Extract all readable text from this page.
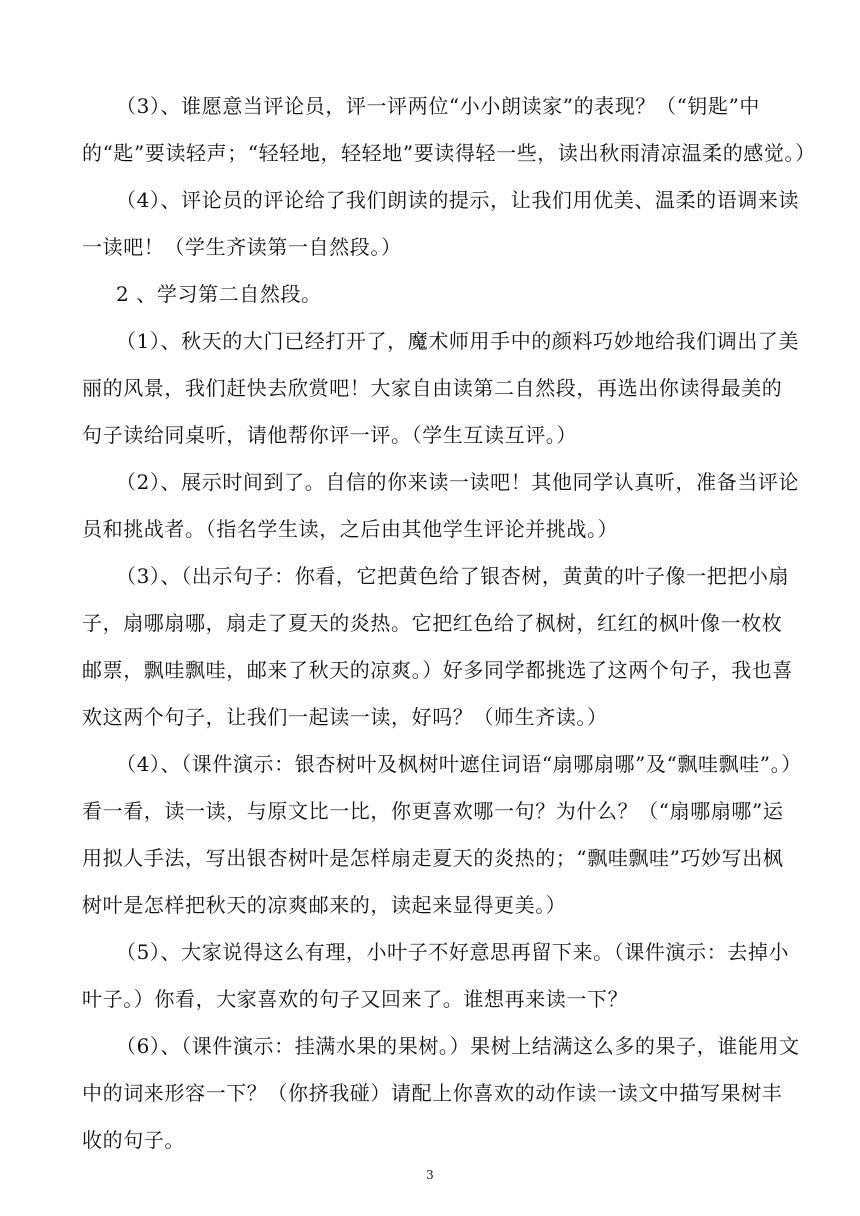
（3）、谁愿意当评论员，评一评两位“小小朗读家”的表现？（“钥匙”中
的“匙”要读轻声；“轻轻地，轻轻地”要读得轻一些，读出秋雨清凉温柔的感觉。）
（4）、评论员的评论给了我们朗读的提示，让我们用优美、温柔的语调来读
一读吧！（学生齐读第一自然段。）
2 、学习第二自然段。
（1）、秋天的大门已经打开了，魔术师用手中的颜料巧妙地给我们调出了美
丽的风景，我们赶快去欣赏吧！大家自由读第二自然段，再选出你读得最美的
句子读给同桌听，请他帮你评一评。（学生互读互评。）
（2）、展示时间到了。自信的你来读一读吧！其他同学认真听，准备当评论
员和挑战者。（指名学生读，之后由其他学生评论并挑战。）
（3）、（出示句子：你看，它把黄色给了银杏树，黄黄的叶子像一把把小扇
子，扇哪扇哪，扇走了夏天的炎热。它把红色给了枫树，红红的枫叶像一枚枚
邮票，飘哇飘哇，邮来了秋天的凉爽。）好多同学都挑选了这两个句子，我也喜
欢这两个句子，让我们一起读一读，好吗？（师生齐读。）
（4）、（课件演示：银杏树叶及枫树叶遮住词语“扇哪扇哪”及“飘哇飘哇”。）
看一看，读一读，与原文比一比，你更喜欢哪一句？为什么？（“扇哪扇哪”运
用拟人手法，写出银杏树叶是怎样扇走夏天的炎热的；“飘哇飘哇”巧妙写出枫
树叶是怎样把秋天的凉爽邮来的，读起来显得更美。）
（5）、大家说得这么有理，小叶子不好意思再留下来。（课件演示：去掉小
叶子。）你看，大家喜欢的句子又回来了。谁想再来读一下？
（6）、（课件演示：挂满水果的果树。）果树上结满这么多的果子，谁能用文
中的词来形容一下？（你挤我碰）请配上你喜欢的动作读一读文中描写果树丰
收的句子。
3
